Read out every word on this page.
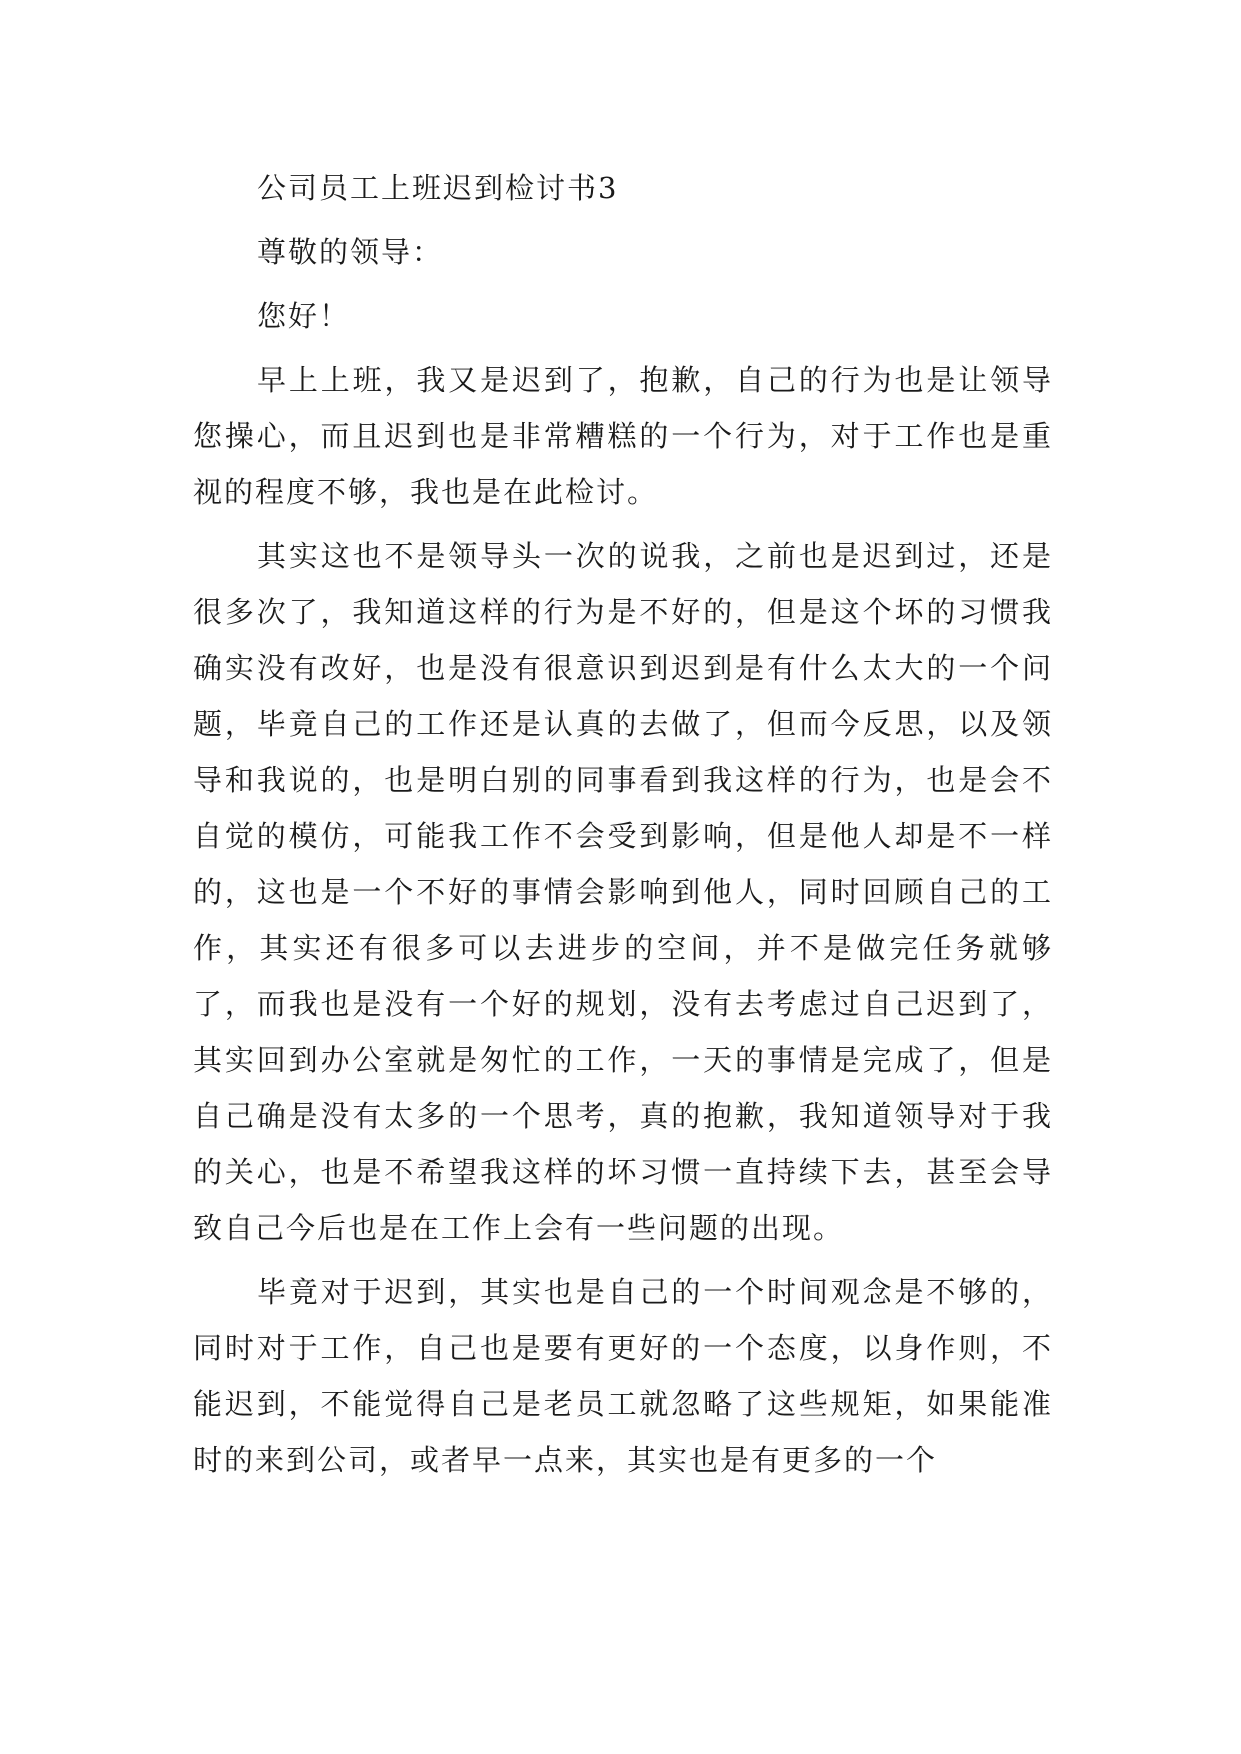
公司员工上班迟到检讨书3

尊敬的领导：

您好！

早上上班，我又是迟到了，抱歉，自己的行为也是让领导您操心，而且迟到也是非常糟糕的一个行为，对于工作也是重视的程度不够，我也是在此检讨。

其实这也不是领导头一次的说我，之前也是迟到过，还是很多次了，我知道这样的行为是不好的，但是这个坏的习惯我确实没有改好，也是没有很意识到迟到是有什么太大的一个问题，毕竟自己的工作还是认真的去做了，但而今反思，以及领导和我说的，也是明白别的同事看到我这样的行为，也是会不自觉的模仿，可能我工作不会受到影响，但是他人却是不一样的，这也是一个不好的事情会影响到他人，同时回顾自己的工作，其实还有很多可以去进步的空间，并不是做完任务就够了，而我也是没有一个好的规划，没有去考虑过自己迟到了，其实回到办公室就是匆忙的工作，一天的事情是完成了，但是自己确是没有太多的一个思考，真的抱歉，我知道领导对于我的关心，也是不希望我这样的坏习惯一直持续下去，甚至会导致自己今后也是在工作上会有一些问题的出现。

毕竟对于迟到，其实也是自己的一个时间观念是不够的，同时对于工作，自己也是要有更好的一个态度，以身作则，不能迟到，不能觉得自己是老员工就忽略了这些规矩，如果能准时的来到公司，或者早一点来，其实也是有更多的一个
